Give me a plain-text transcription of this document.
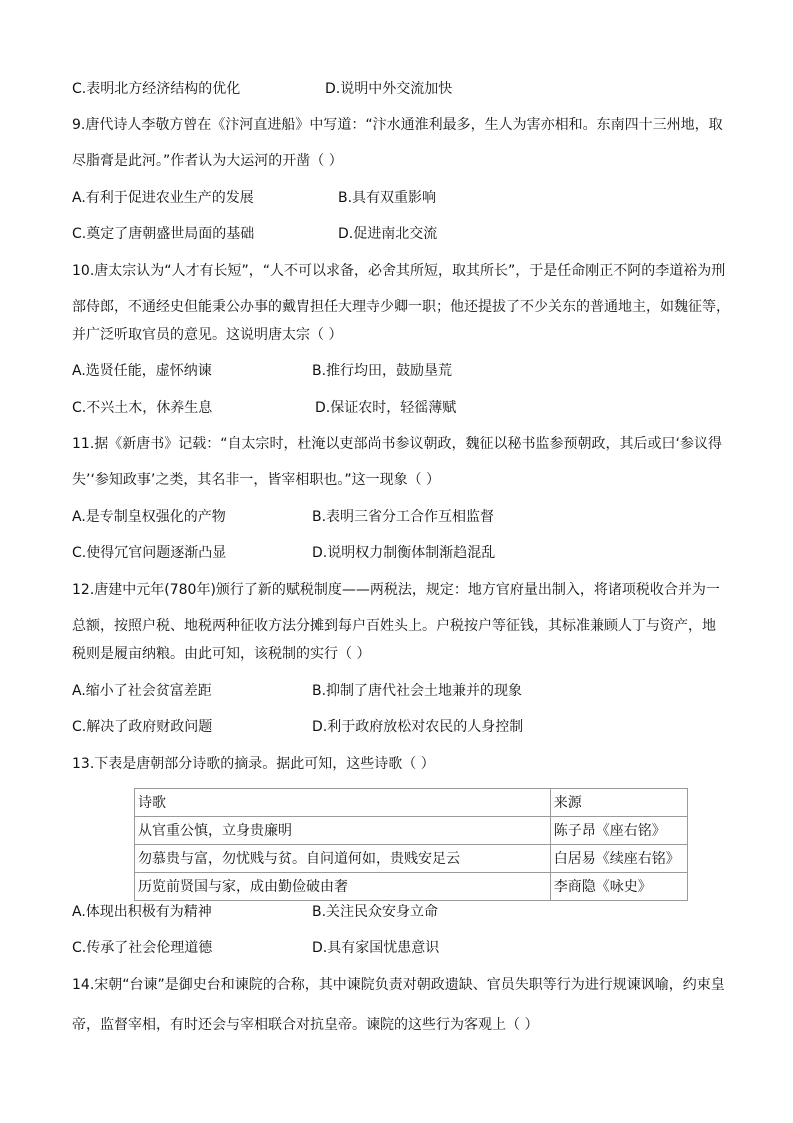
C.表明北方经济结构的优化	D.说明中外交流加快
9.唐代诗人李敬方曾在《汴河直进船》中写道：“汴水通淮利最多，生人为害亦相和。东南四十三州地，取
尽脂膏是此河。”作者认为大运河的开凿（ ）
A.有利于促进农业生产的发展	B.具有双重影响
C.奠定了唐朝盛世局面的基础	D.促进南北交流
10.唐太宗认为“人才有长短”，“人不可以求备，必舍其所短，取其所长”，于是任命刚正不阿的李道裕为刑
部侍郎，不通经史但能秉公办事的戴胄担任大理寺少卿一职；他还提拔了不少关东的普通地主，如魏征等，
并广泛听取官员的意见。这说明唐太宗（ ）
A.选贤任能，虚怀纳谏	B.推行均田，鼓励垦荒
C.不兴土木，休养生息	D.保证农时，轻徭薄赋
11.据《新唐书》记载：“自太宗时，杜淹以吏部尚书参议朝政，魏征以秘书监参预朝政，其后或曰‘参议得
失’‘参知政事’之类，其名非一，皆宰相职也。”这一现象（ ）
A.是专制皇权强化的产物	B.表明三省分工合作互相监督
C.使得冗官问题逐渐凸显	D.说明权力制衡体制渐趋混乱
12.唐建中元年(780年)颁行了新的赋税制度——两税法，规定：地方官府量出制入，将诸项税收合并为一
总额，按照户税、地税两种征收方法分摊到每户百姓头上。户税按户等征钱，其标准兼顾人丁与资产，地
税则是履亩纳粮。由此可知，该税制的实行（ ）
A.缩小了社会贫富差距	B.抑制了唐代社会土地兼并的现象
C.解决了政府财政问题	D.利于政府放松对农民的人身控制
13.下表是唐朝部分诗歌的摘录。据此可知，这些诗歌（ ）
诗歌	来源
从官重公慎，立身贵廉明	陈子昂《座右铭》
勿慕贵与富，勿忧贱与贫。自问道何如，贵贱安足云	白居易《续座右铭》
历览前贤国与家，成由勤俭破由奢	李商隐《咏史》
A.体现出积极有为精神	B.关注民众安身立命
C.传承了社会伦理道德	D.具有家国忧患意识
14.宋朝“台谏”是御史台和谏院的合称，其中谏院负责对朝政遗缺、官员失职等行为进行规谏讽喻，约束皇
帝，监督宰相，有时还会与宰相联合对抗皇帝。谏院的这些行为客观上（ ）
